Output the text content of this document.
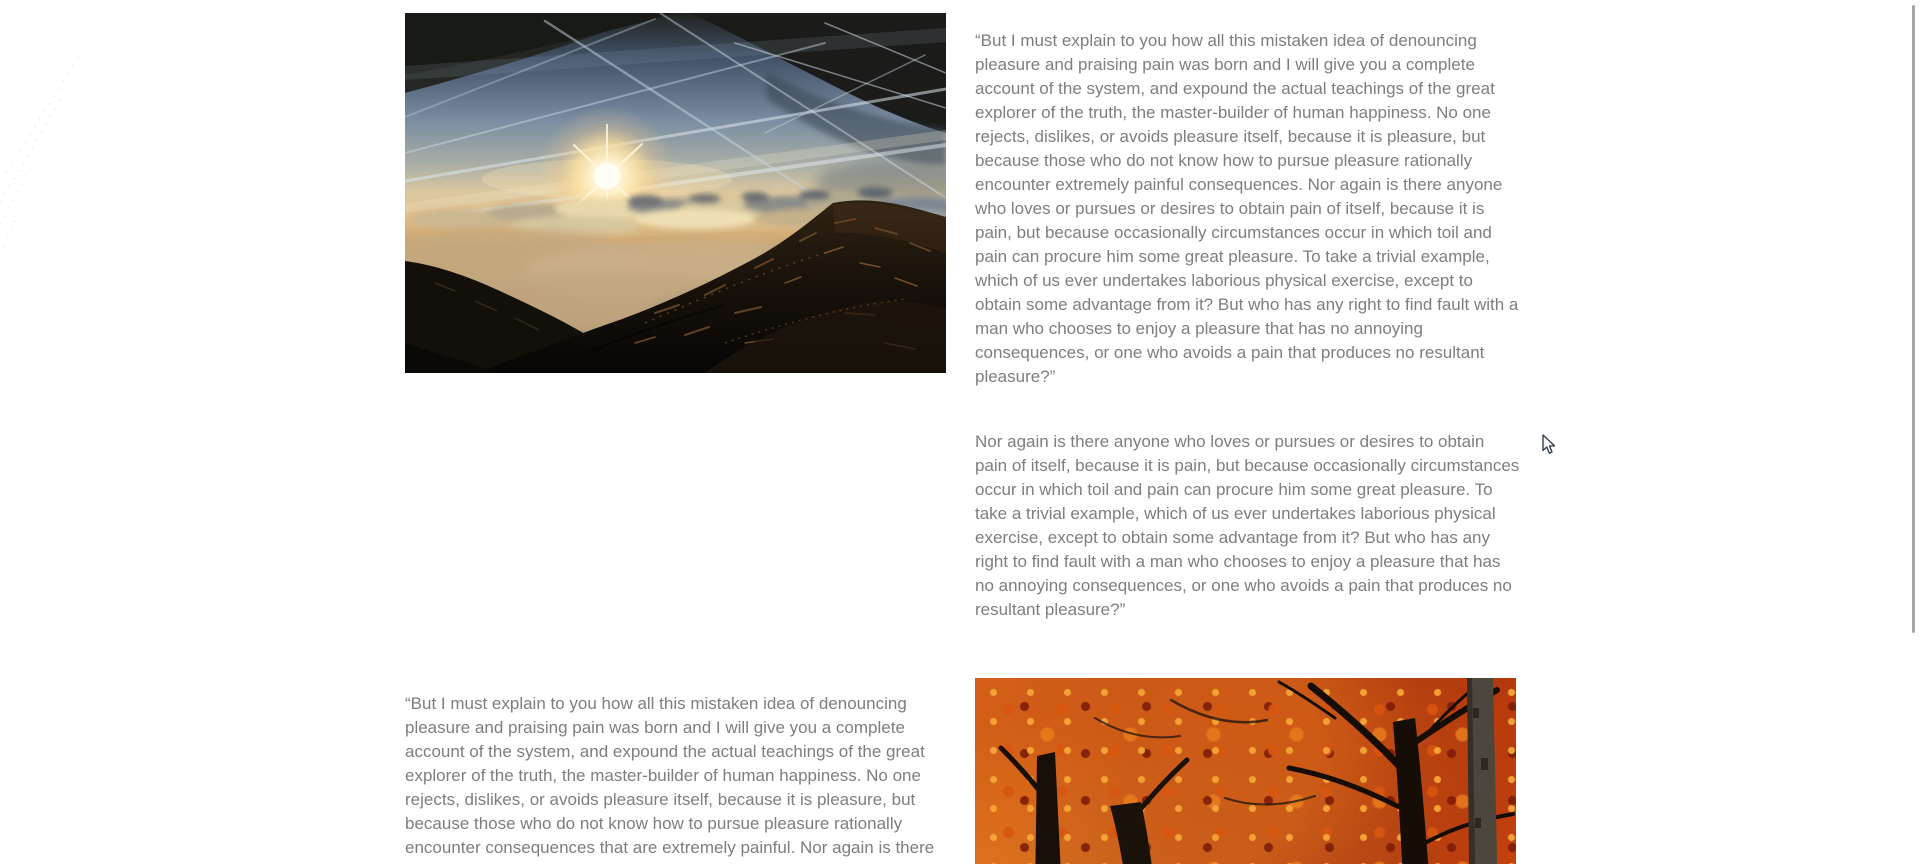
“But I must explain to you how all this mistaken idea of denouncing pleasure and praising pain was born and I will give you a complete account of the system, and expound the actual teachings of the great explorer of the truth, the master-builder of human happiness. No one rejects, dislikes, or avoids pleasure itself, because it is pleasure, but because those who do not know how to pursue pleasure rationally encounter extremely painful consequences. Nor again is there anyone who loves or pursues or desires to obtain pain of itself, because it is pain, but because occasionally circumstances occur in which toil and pain can procure him some great pleasure. To take a trivial example, which of us ever undertakes laborious physical exercise, except to obtain some advantage from it? But who has any right to find fault with a man who chooses to enjoy a pleasure that has no annoying consequences, or one who avoids a pain that produces no resultant pleasure?”

Nor again is there anyone who loves or pursues or desires to obtain pain of itself, because it is pain, but because occasionally circumstances occur in which toil and pain can procure him some great pleasure. To take a trivial example, which of us ever undertakes laborious physical exercise, except to obtain some advantage from it? But who has any right to find fault with a man who chooses to enjoy a pleasure that has no annoying consequences, or one who avoids a pain that produces no resultant pleasure?”

“But I must explain to you how all this mistaken idea of denouncing pleasure and praising pain was born and I will give you a complete account of the system, and expound the actual teachings of the great explorer of the truth, the master-builder of human happiness. No one rejects, dislikes, or avoids pleasure itself, because it is pleasure, but because those who do not know how to pursue pleasure rationally encounter consequences that are extremely painful. Nor again is there
